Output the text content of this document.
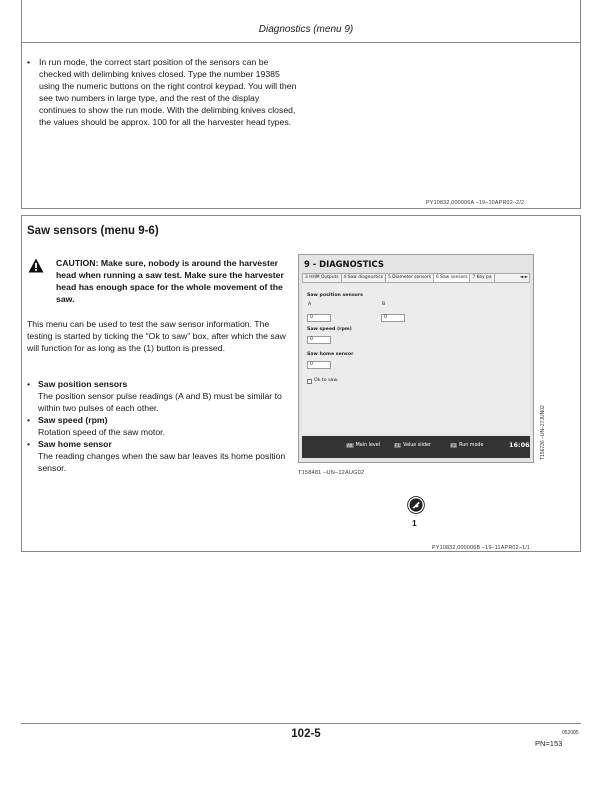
Diagnostics (menu 9)
• In run mode, the correct start position of the sensors can be checked with delimbing knives closed. Type the number 19385 using the numeric buttons on the right control keypad. You will then see two numbers in large type, and the rest of the display continues to show the run mode. With the delimbing knives closed, the values should be approx. 100 for all the harvester head types.
PY10832,000006A –19–10APR02–2/2
Saw sensors (menu 9-6)
CAUTION: Make sure, nobody is around the harvester head when running a saw test. Make sure the harvester head has enough space for the whole movement of the saw.
This menu can be used to test the saw sensor information. The testing is started by ticking the “Ok to saw” box, after which the saw will function for as long as the (1) button is pressed.
• Saw position sensors
The position sensor pulse readings (A and B) must be similar to within two pulses of each other.
• Saw speed (rpm)
Rotation speed of the saw motor.
• Saw home sensor
The reading changes when the saw bar leaves its home position sensor.
9 - DIAGNOSTICS
3 HHM Outputs	4 Saw diagnostics	5 Diameter sensors	6 Saw sensors	7 Key pa	◄ ►
Saw position sensors
A	B
0	0
Saw speed (rpm)
0
Saw home sensor
0
Ok to saw.
Alt Main level	F1 Value slider	F2 Run mode	16:06 T156736 –UN–27JUN02
T158481 –UN–12AUG02
1
PY10832,000006B –19–11APR02–1/1
102-5	052005
PN=153
